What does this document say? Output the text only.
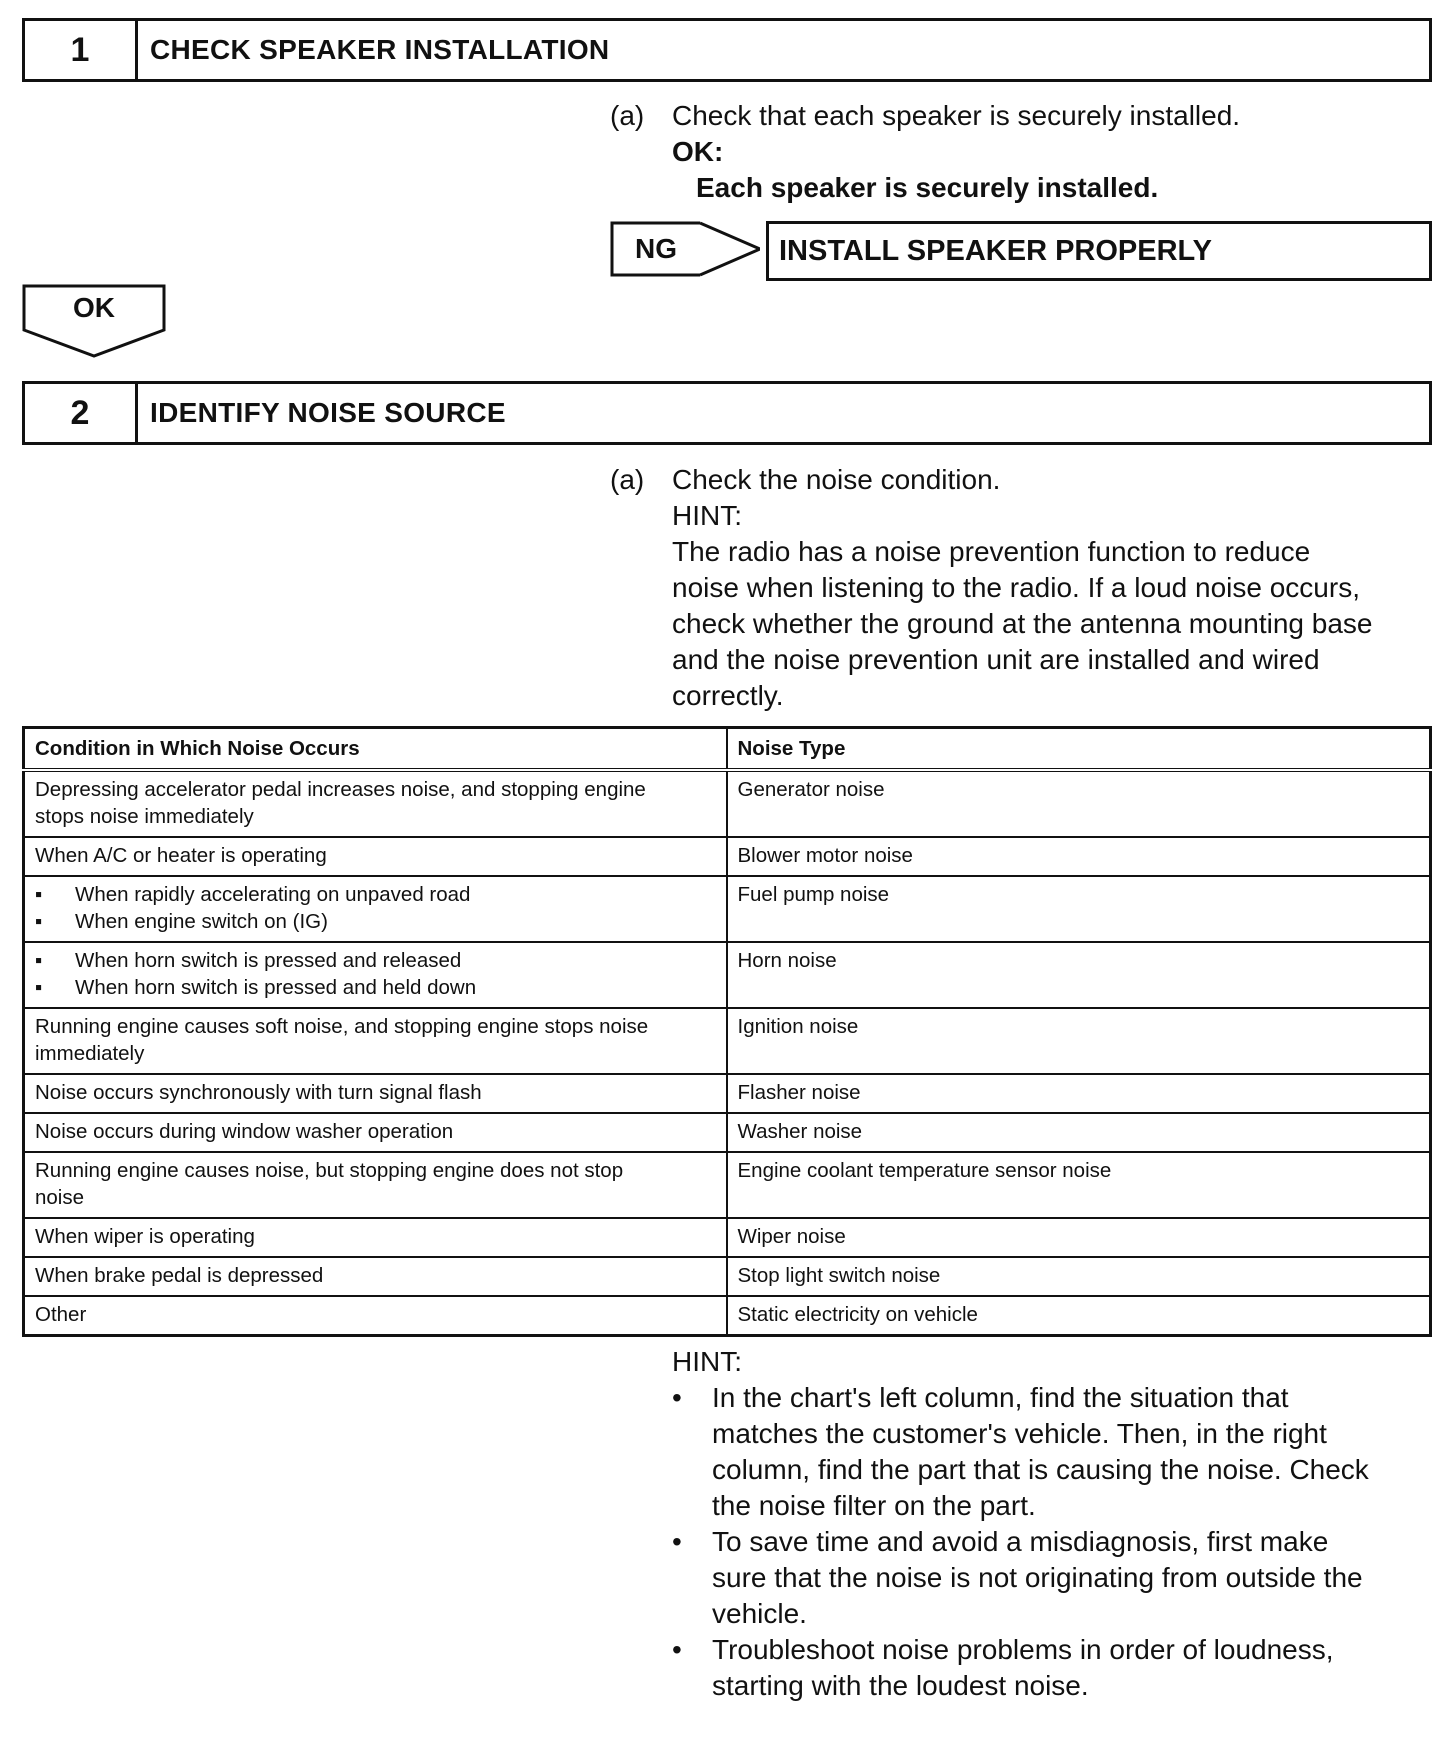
1	CHECK SPEAKER INSTALLATION
(a) Check that each speaker is securely installed.
OK:
Each speaker is securely installed.
NG	INSTALL SPEAKER PROPERLY
OK
2	IDENTIFY NOISE SOURCE
(a) Check the noise condition.
HINT:
The radio has a noise prevention function to reduce
noise when listening to the radio. If a loud noise occurs,
check whether the ground at the antenna mounting base
and the noise prevention unit are installed and wired
correctly.
Condition in Which Noise Occurs	Noise Type

Depressing accelerator pedal increases noise, and stopping engine
stops noise immediately	Generator noise

When A/C or heater is operating	Blower motor noise

▪ When rapidly accelerating on unpaved road
▪ When engine switch on (IG)	Fuel pump noise

▪ When horn switch is pressed and released
▪ When horn switch is pressed and held down	Horn noise

Running engine causes soft noise, and stopping engine stops noise
immediately	Ignition noise

Noise occurs synchronously with turn signal flash	Flasher noise

Noise occurs during window washer operation	Washer noise

Running engine causes noise, but stopping engine does not stop
noise	Engine coolant temperature sensor noise

When wiper is operating	Wiper noise

When brake pedal is depressed	Stop light switch noise

Other	Static electricity on vehicle
HINT:
•	In the chart's left column, find the situation that
matches the customer's vehicle. Then, in the right
column, find the part that is causing the noise. Check
the noise filter on the part.
•	To save time and avoid a misdiagnosis, first make
sure that the noise is not originating from outside the
vehicle.
•	Troubleshoot noise problems in order of loudness,
starting with the loudest noise.
